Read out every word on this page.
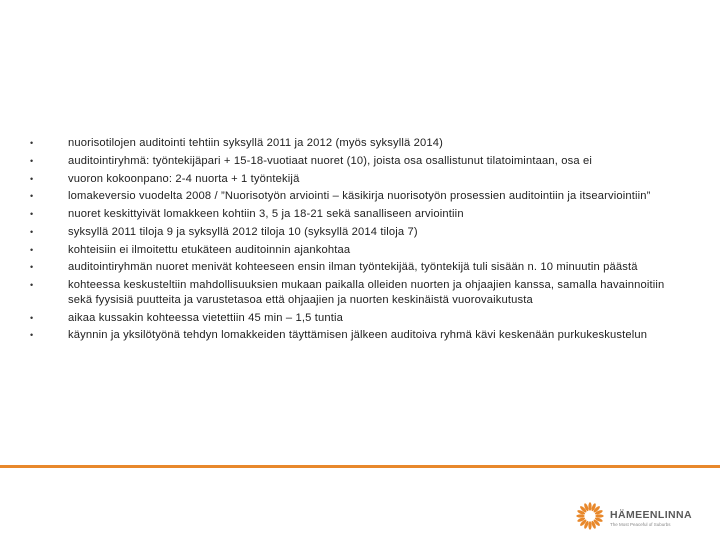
•	nuorisotilojen auditointi tehtiin syksyllä 2011 ja 2012 (myös syksyllä 2014)
•	auditointiryhmä: työntekijäpari + 15-18-vuotiaat nuoret (10), joista osa osallistunut tilatoimintaan, osa ei
•	vuoron kokoonpano: 2-4 nuorta + 1 työntekijä
•	lomakeversio vuodelta 2008 / ”Nuorisotyön arviointi – käsikirja nuorisotyön prosessien auditointiin ja itsearviointiin”
•	nuoret keskittyivät lomakkeen kohtiin 3, 5 ja 18-21 sekä sanalliseen arviointiin
•	syksyllä 2011 tiloja 9 ja syksyllä 2012 tiloja 10 (syksyllä 2014 tiloja 7)
•	kohteisiin ei ilmoitettu etukäteen auditoinnin ajankohtaa
•	auditointiryhmän nuoret menivät kohteeseen ensin ilman työntekijää, työntekijä tuli sisään n. 10 minuutin päästä
•	kohteessa keskusteltiin mahdollisuuksien mukaan paikalla olleiden nuorten ja ohjaajien kanssa, samalla havainnoitiin sekä fyysisiä puutteita ja varustetasoa että ohjaajien ja nuorten keskinäistä vuorovaikutusta
•	aikaa kussakin kohteessa vietettiin 45 min – 1,5 tuntia
•	käynnin ja yksilötyönä tehdyn lomakkeiden täyttämisen jälkeen auditoiva ryhmä kävi keskenään purkukeskustelun
HÄMEENLINNA
The Most Peaceful of Suburbs
